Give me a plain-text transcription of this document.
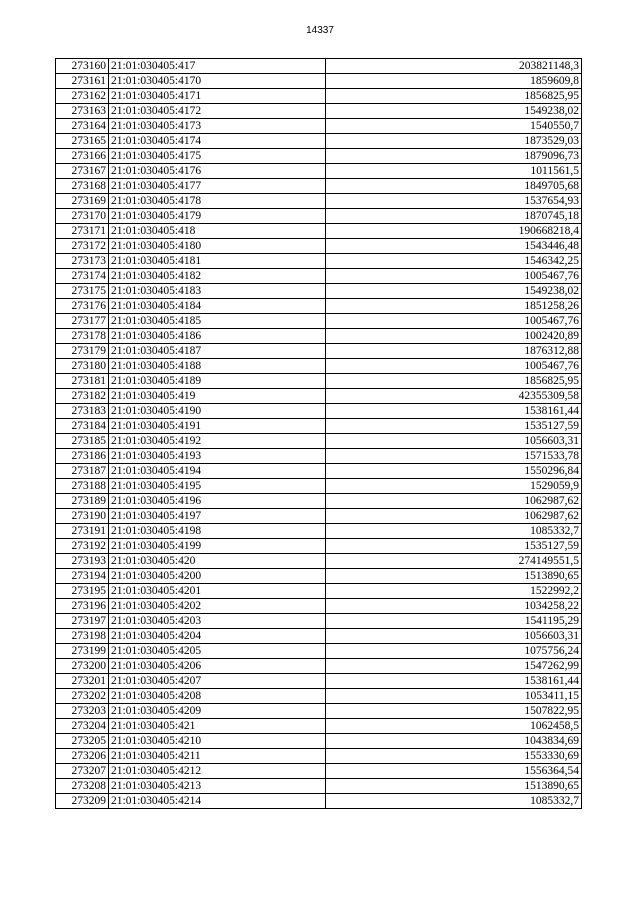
14337
273160	21:01:030405:417	203821148,3
273161	21:01:030405:4170	1859609,8
273162	21:01:030405:4171	1856825,95
273163	21:01:030405:4172	1549238,02
273164	21:01:030405:4173	1540550,7
273165	21:01:030405:4174	1873529,03
273166	21:01:030405:4175	1879096,73
273167	21:01:030405:4176	1011561,5
273168	21:01:030405:4177	1849705,68
273169	21:01:030405:4178	1537654,93
273170	21:01:030405:4179	1870745,18
273171	21:01:030405:418	190668218,4
273172	21:01:030405:4180	1543446,48
273173	21:01:030405:4181	1546342,25
273174	21:01:030405:4182	1005467,76
273175	21:01:030405:4183	1549238,02
273176	21:01:030405:4184	1851258,26
273177	21:01:030405:4185	1005467,76
273178	21:01:030405:4186	1002420,89
273179	21:01:030405:4187	1876312,88
273180	21:01:030405:4188	1005467,76
273181	21:01:030405:4189	1856825,95
273182	21:01:030405:419	42355309,58
273183	21:01:030405:4190	1538161,44
273184	21:01:030405:4191	1535127,59
273185	21:01:030405:4192	1056603,31
273186	21:01:030405:4193	1571533,78
273187	21:01:030405:4194	1550296,84
273188	21:01:030405:4195	1529059,9
273189	21:01:030405:4196	1062987,62
273190	21:01:030405:4197	1062987,62
273191	21:01:030405:4198	1085332,7
273192	21:01:030405:4199	1535127,59
273193	21:01:030405:420	274149551,5
273194	21:01:030405:4200	1513890,65
273195	21:01:030405:4201	1522992,2
273196	21:01:030405:4202	1034258,22
273197	21:01:030405:4203	1541195,29
273198	21:01:030405:4204	1056603,31
273199	21:01:030405:4205	1075756,24
273200	21:01:030405:4206	1547262,99
273201	21:01:030405:4207	1538161,44
273202	21:01:030405:4208	1053411,15
273203	21:01:030405:4209	1507822,95
273204	21:01:030405:421	1062458,5
273205	21:01:030405:4210	1043834,69
273206	21:01:030405:4211	1553330,69
273207	21:01:030405:4212	1556364,54
273208	21:01:030405:4213	1513890,65
273209	21:01:030405:4214	1085332,7
